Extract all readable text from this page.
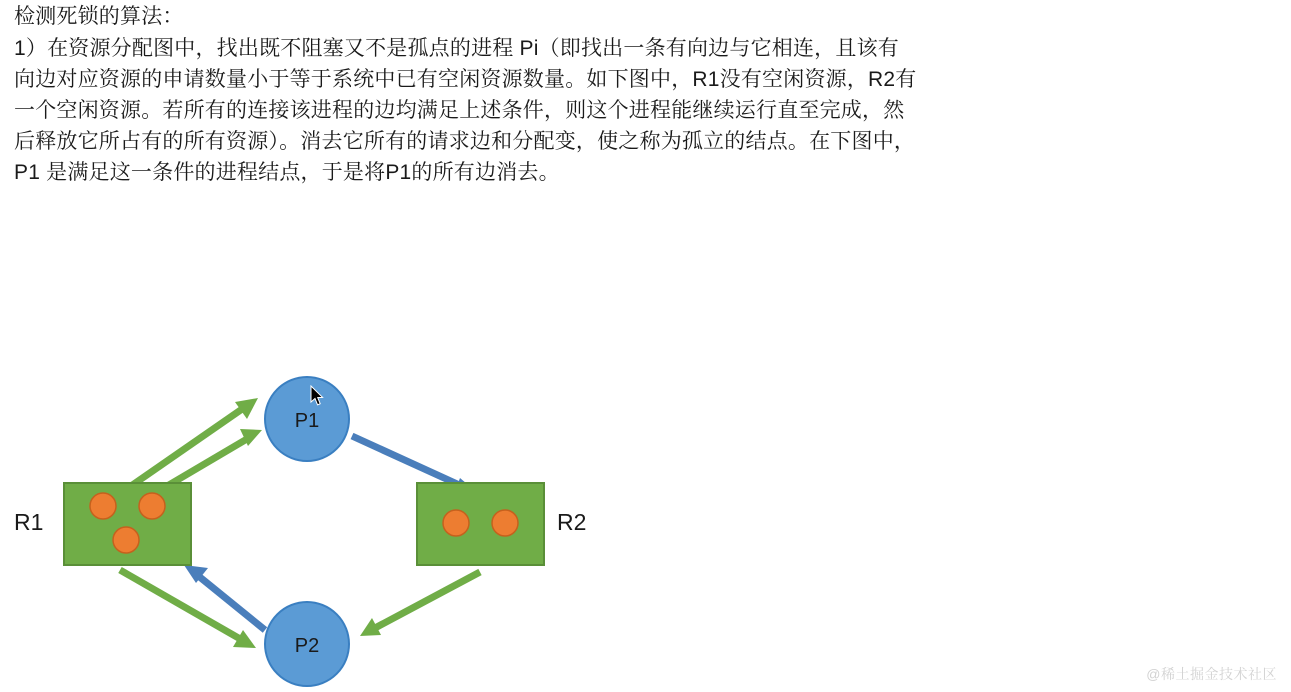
检测死锁的算法：

1）在资源分配图中，找出既不阻塞又不是孤点的进程 Pi（即找出一条有向边与它相连，且该有

向边对应资源的申请数量小于等于系统中已有空闲资源数量。如下图中，R1没有空闲资源，R2有

一个空闲资源。若所有的连接该进程的边均满足上述条件，则这个进程能继续运行直至完成，然

后释放它所占有的所有资源）。消去它所有的请求边和分配变，使之称为孤立的结点。在下图中，

P1 是满足这一条件的进程结点，于是将P1的所有边消去。

R1	R2
P1
P2
@稀土掘金技术社区
